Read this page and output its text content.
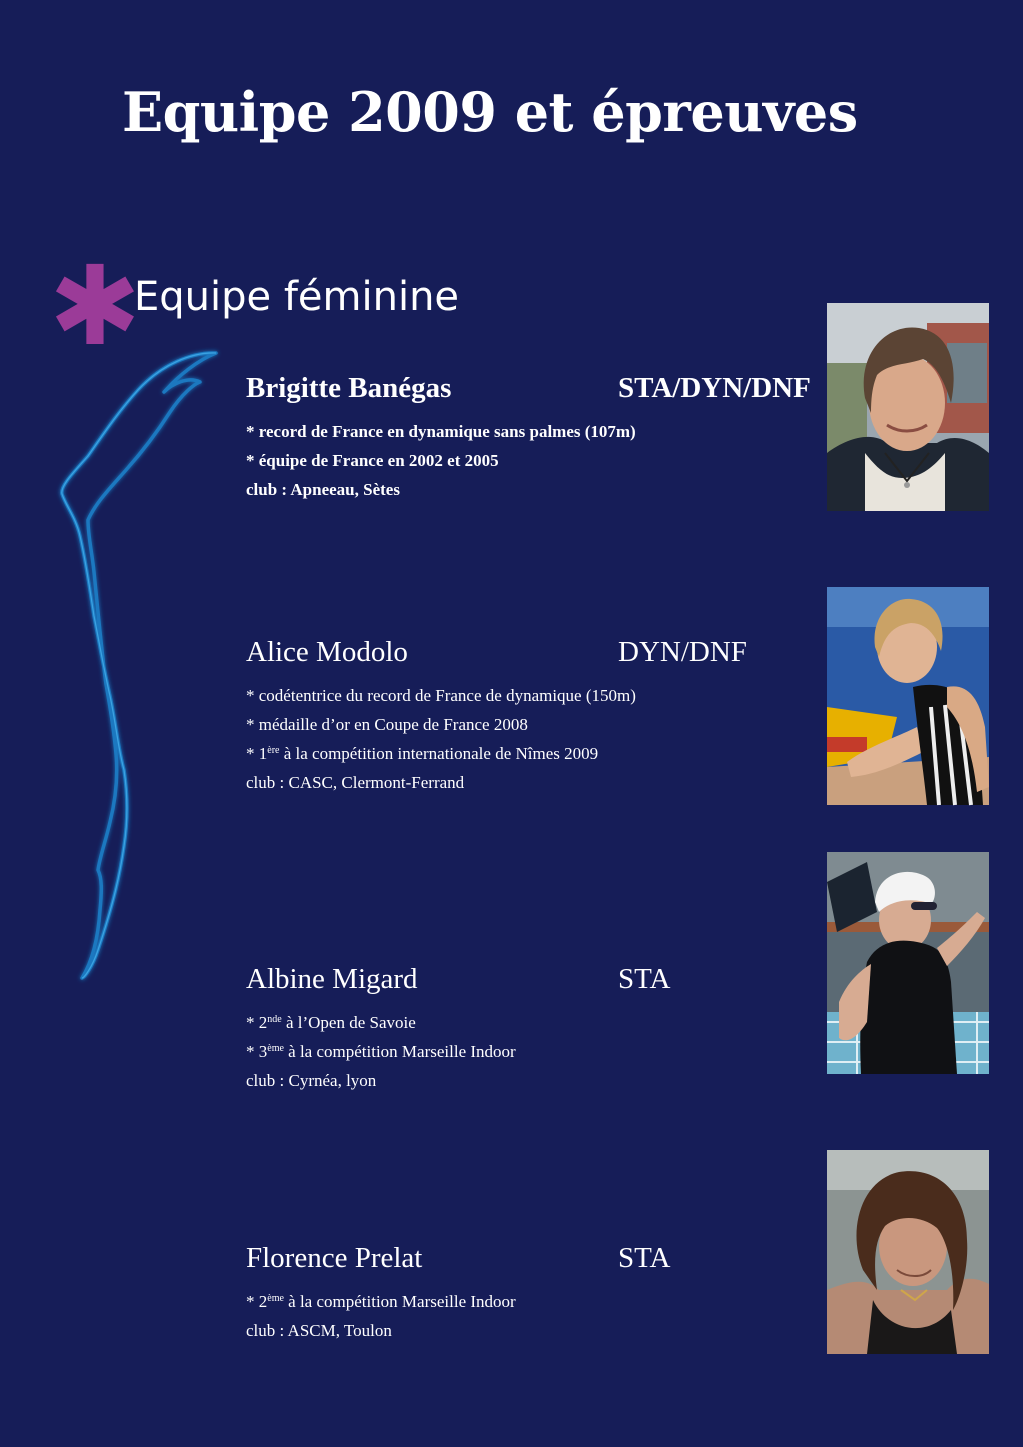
Equipe 2009 et épreuves
✱
Equipe féminine
Brigitte Banégas	STA/DYN/DNF
* record de France en dynamique sans palmes (107m)
* équipe de France en 2002 et 2005
club : Apneeau, Sètes
Alice Modolo	DYN/DNF
* codétentrice du record de France de dynamique (150m)
* médaille d’or en Coupe de France 2008
* 1ère à la compétition internationale de Nîmes 2009
club : CASC, Clermont-Ferrand
Albine Migard	STA
* 2nde à l’Open de Savoie
* 3ème à la compétition Marseille Indoor
club : Cyrnéa, lyon
Florence Prelat	STA
* 2ème à la compétition Marseille Indoor
club : ASCM, Toulon
